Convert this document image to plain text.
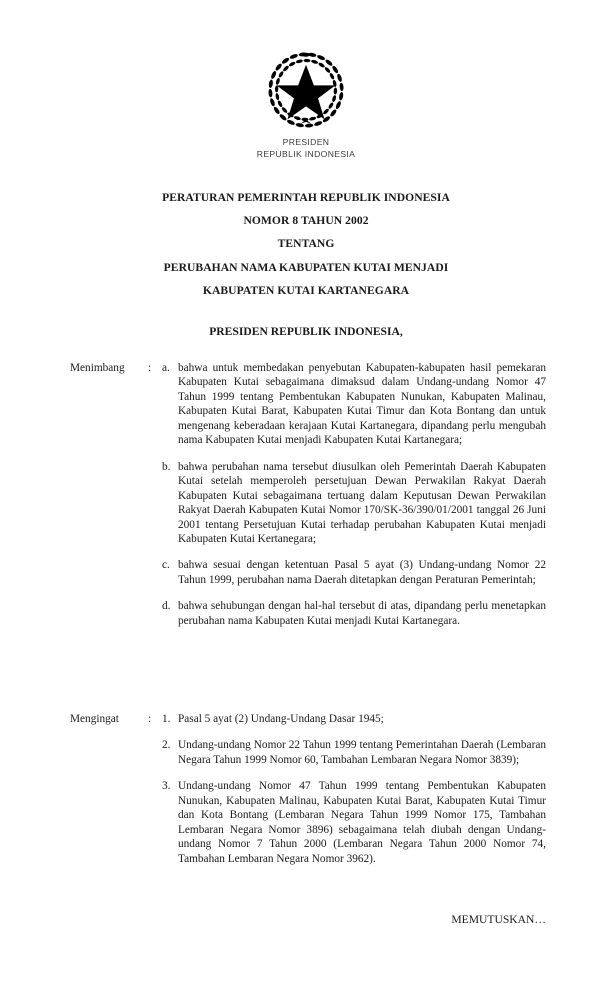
PRESIDEN
REPUBLIK INDONESIA
PERATURAN PEMERINTAH REPUBLIK INDONESIA
NOMOR 8 TAHUN 2002
TENTANG
PERUBAHAN NAMA KABUPATEN KUTAI MENJADI
KABUPATEN KUTAI KARTANEGARA
PRESIDEN REPUBLIK INDONESIA,
Menimbang	: a. bahwa untuk membedakan penyebutan Kabupaten-kabupaten hasil pemekaran Kabupaten Kutai sebagaimana dimaksud dalam Undang-undang Nomor 47 Tahun 1999 tentang Pembentukan Kabupaten Nunukan, Kabupaten Malinau, Kabupaten Kutai Barat, Kabupaten Kutai Timur dan Kota Bontang dan untuk mengenang keberadaan kerajaan Kutai Kartanegara, dipandang perlu mengubah nama Kabupaten Kutai menjadi Kabupaten Kutai Kartanegara;
b. bahwa perubahan nama tersebut diusulkan oleh Pemerintah Daerah Kabupaten Kutai setelah memperoleh persetujuan Dewan Perwakilan Rakyat Daerah Kabupaten Kutai sebagaimana tertuang dalam Keputusan Dewan Perwakilan Rakyat Daerah Kabupaten Kutai Nomor 170/SK-36/390/01/2001 tanggal 26 Juni 2001 tentang Persetujuan Kutai terhadap perubahan Kabupaten Kutai menjadi Kabupaten Kutai Kertanegara;
c. bahwa sesuai dengan ketentuan Pasal 5 ayat (3) Undang-undang Nomor 22 Tahun 1999, perubahan nama Daerah ditetapkan dengan Peraturan Pemerintah;
d. bahwa sehubungan dengan hal-hal tersebut di atas, dipandang perlu menetapkan perubahan nama Kabupaten Kutai menjadi Kutai Kartanegara.
Mengingat	: 1. Pasal 5 ayat (2) Undang-Undang Dasar 1945;
2. Undang-undang Nomor 22 Tahun 1999 tentang Pemerintahan Daerah (Lembaran Negara Tahun 1999 Nomor 60, Tambahan Lembaran Negara Nomor 3839);
3. Undang-undang Nomor 47 Tahun 1999 tentang Pembentukan Kabupaten Nunukan, Kabupaten Malinau, Kabupaten Kutai Barat, Kabupaten Kutai Timur dan Kota Bontang (Lembaran Negara Tahun 1999 Nomor 175, Tambahan Lembaran Negara Nomor 3896) sebagaimana telah diubah dengan Undang-undang Nomor 7 Tahun 2000 (Lembaran Negara Tahun 2000 Nomor 74, Tambahan Lembaran Negara Nomor 3962).
MEMUTUSKAN…
